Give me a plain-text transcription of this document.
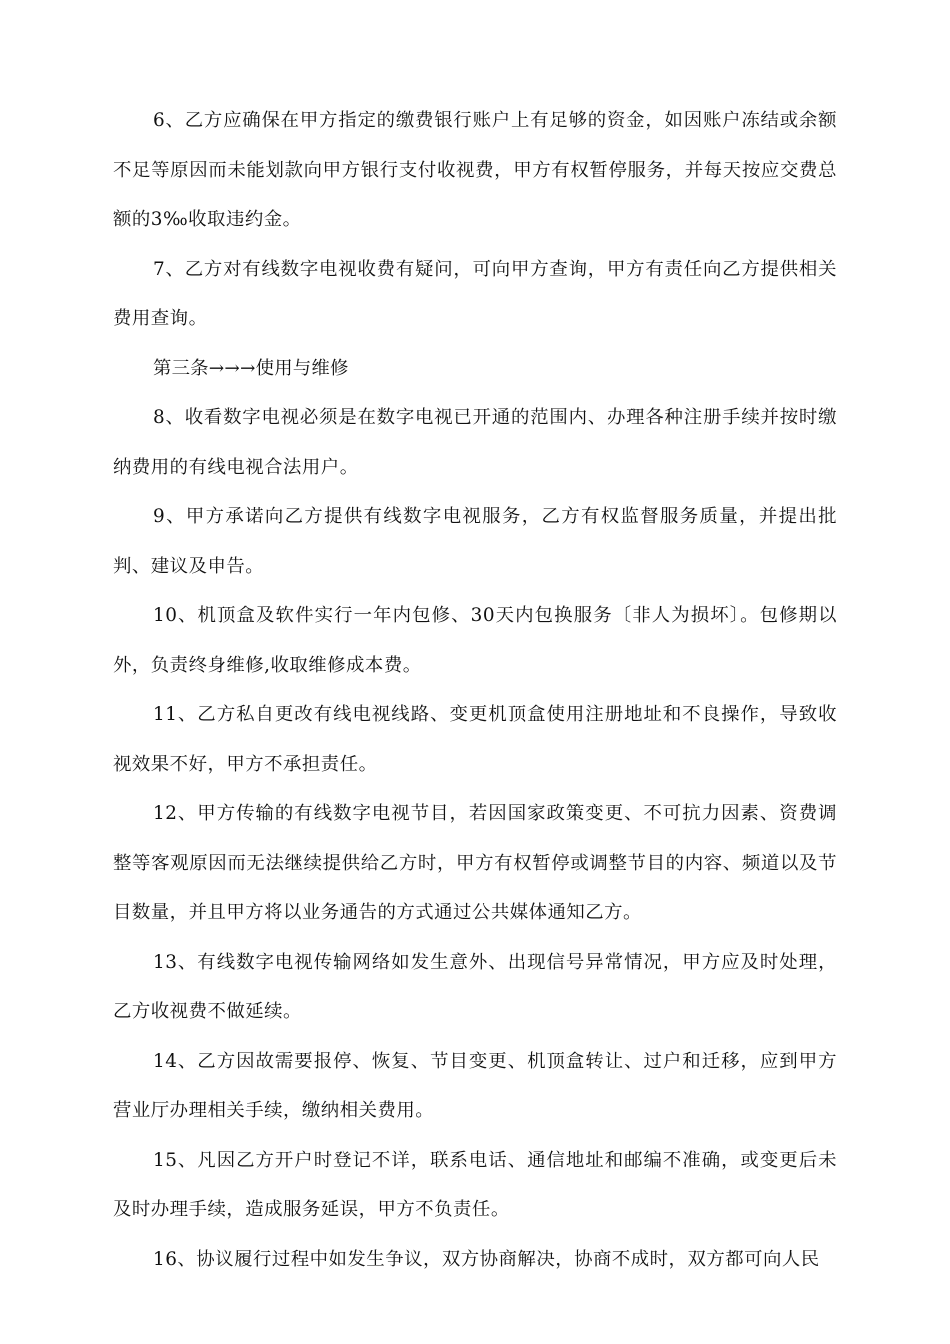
6、乙方应确保在甲方指定的缴费银行账户上有足够的资金，如因账户冻结或余额不足等原因而未能划款向甲方银行支付收视费，甲方有权暂停服务，并每天按应交费总额的3‰收取违约金。

7、乙方对有线数字电视收费有疑问，可向甲方查询，甲方有责任向乙方提供相关费用查询。

第三条→→→使用与维修

8、收看数字电视必须是在数字电视已开通的范围内、办理各种注册手续并按时缴纳费用的有线电视合法用户。

9、甲方承诺向乙方提供有线数字电视服务，乙方有权监督服务质量，并提出批判、建议及申告。

10、机顶盒及软件实行一年内包修、30天内包换服务〔非人为损坏〕。包修期以外，负责终身维修,收取维修成本费。

11、乙方私自更改有线电视线路、变更机顶盒使用注册地址和不良操作，导致收视效果不好，甲方不承担责任。

12、甲方传输的有线数字电视节目，若因国家政策变更、不可抗力因素、资费调整等客观原因而无法继续提供给乙方时，甲方有权暂停或调整节目的内容、频道以及节目数量，并且甲方将以业务通告的方式通过公共媒体通知乙方。

13、有线数字电视传输网络如发生意外、出现信号异常情况，甲方应及时处理，乙方收视费不做延续。

14、乙方因故需要报停、恢复、节目变更、机顶盒转让、过户和迁移，应到甲方营业厅办理相关手续，缴纳相关费用。

15、凡因乙方开户时登记不详，联系电话、通信地址和邮编不准确，或变更后未及时办理手续，造成服务延误，甲方不负责任。

16、协议履行过程中如发生争议，双方协商解决，协商不成时，双方都可向人民
